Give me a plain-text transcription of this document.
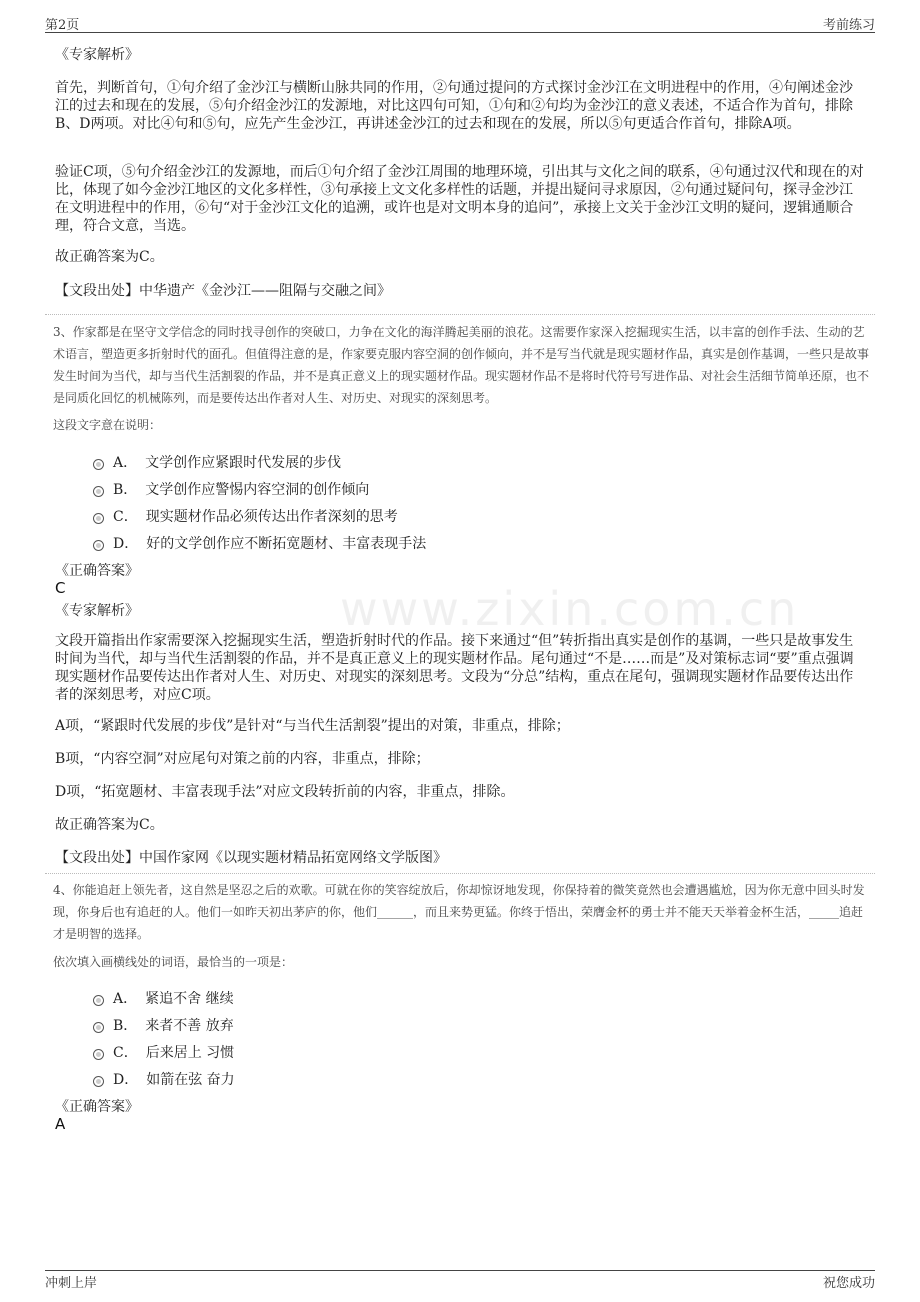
第2页	考前练习
www.zixin.com.cn

《专家解析》

首先，判断首句，①句介绍了金沙江与横断山脉共同的作用，②句通过提问的方式探讨金沙江在文明进程中的作用，④句阐述金沙江的过去和现在的发展，⑤句介绍金沙江的发源地，对比这四句可知，①句和②句均为金沙江的意义表述，不适合作为首句，排除B、D两项。对比④句和⑤句，应先产生金沙江，再讲述金沙江的过去和现在的发展，所以⑤句更适合作首句，排除A项。

验证C项，⑤句介绍金沙江的发源地，而后①句介绍了金沙江周围的地理环境，引出其与文化之间的联系，④句通过汉代和现在的对比，体现了如今金沙江地区的文化多样性，③句承接上文文化多样性的话题，并提出疑问寻求原因，②句通过疑问句，探寻金沙江在文明进程中的作用，⑥句“对于金沙江文化的追溯，或许也是对文明本身的追问”，承接上文关于金沙江文明的疑问，逻辑通顺合理，符合文意，当选。

故正确答案为C。

【文段出处】中华遗产《金沙江——阻隔与交融之间》

3、作家都是在坚守文学信念的同时找寻创作的突破口，力争在文化的海洋腾起美丽的浪花。这需要作家深入挖掘现实生活，以丰富的创作手法、生动的艺术语言，塑造更多折射时代的面孔。但值得注意的是，作家要克服内容空洞的创作倾向，并不是写当代就是现实题材作品，真实是创作基调，一些只是故事发生时间为当代，却与当代生活割裂的作品，并不是真正意义上的现实题材作品。现实题材作品不是将时代符号写进作品、对社会生活细节简单还原，也不是同质化回忆的机械陈列，而是要传达出作者对人生、对历史、对现实的深刻思考。

这段文字意在说明：

A． 文学创作应紧跟时代发展的步伐
B． 文学创作应警惕内容空洞的创作倾向
C． 现实题材作品必须传达出作者深刻的思考
D． 好的文学创作应不断拓宽题材、丰富表现手法
《正确答案》
C
《专家解析》

文段开篇指出作家需要深入挖掘现实生活，塑造折射时代的作品。接下来通过“但”转折指出真实是创作的基调，一些只是故事发生时间为当代，却与当代生活割裂的作品，并不是真正意义上的现实题材作品。尾句通过“不是……而是”及对策标志词“要”重点强调现实题材作品要传达出作者对人生、对历史、对现实的深刻思考。文段为“分总”结构，重点在尾句，强调现实题材作品要传达出作者的深刻思考，对应C项。

A项，“紧跟时代发展的步伐”是针对“与当代生活割裂”提出的对策，非重点，排除；

B项，“内容空洞”对应尾句对策之前的内容，非重点，排除；

D项，“拓宽题材、丰富表现手法”对应文段转折前的内容，非重点，排除。

故正确答案为C。

【文段出处】中国作家网《以现实题材精品拓宽网络文学版图》

4、你能追赶上领先者，这自然是坚忍之后的欢歌。可就在你的笑容绽放后，你却惊讶地发现，你保持着的微笑竟然也会遭遇尴尬，因为你无意中回头时发现，你身后也有追赶的人。他们一如昨天初出茅庐的你，他们______，而且来势更猛。你终于悟出，荣膺金杯的勇士并不能天天举着金杯生活，_____追赶才是明智的选择。

依次填入画横线处的词语，最恰当的一项是：

A． 紧追不舍 继续
B． 来者不善 放弃
C． 后来居上 习惯
D． 如箭在弦 奋力
《正确答案》
A
冲刺上岸	祝您成功
